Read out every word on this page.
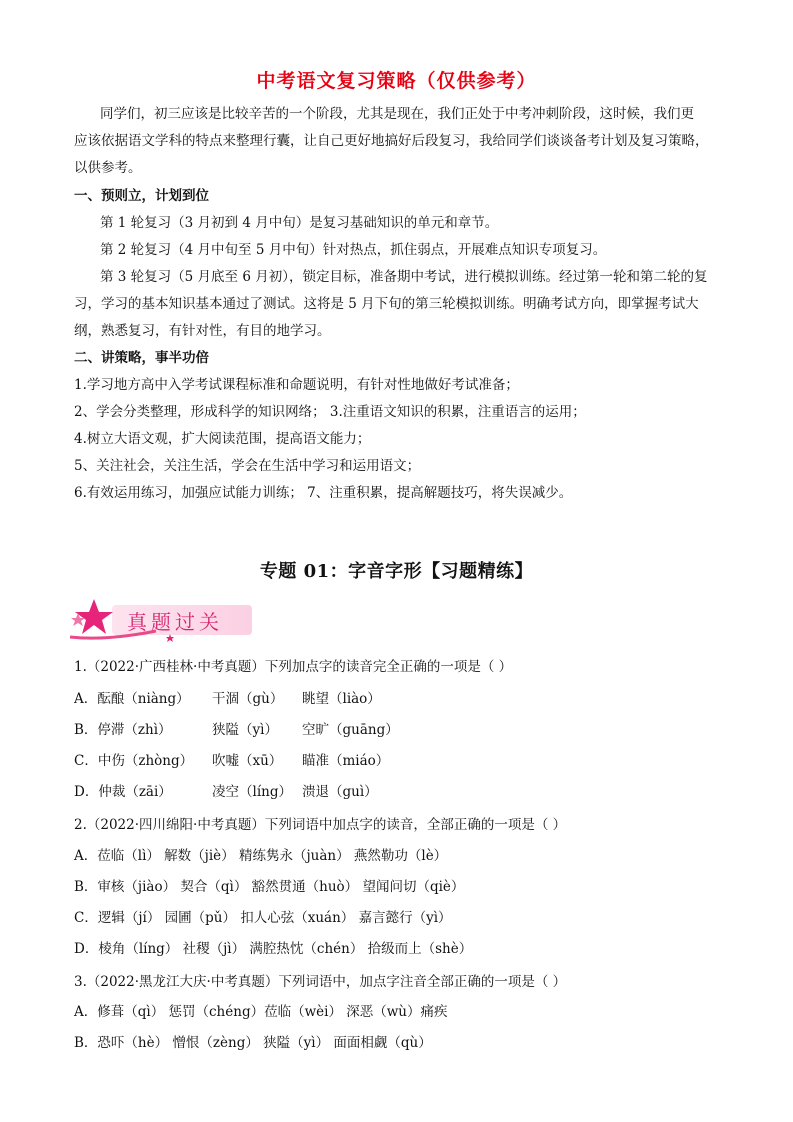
中考语文复习策略（仅供参考）
同学们，初三应该是比较辛苦的一个阶段，尤其是现在，我们正处于中考冲刺阶段，这时候，我们更
应该依据语文学科的特点来整理行囊，让自己更好地搞好后段复习，我给同学们谈谈备考计划及复习策略，
以供参考。
一、预则立，计划到位
第 1 轮复习（3 月初到 4 月中旬）是复习基础知识的单元和章节。
第 2 轮复习（4 月中旬至 5 月中旬）针对热点，抓住弱点，开展难点知识专项复习。
第 3 轮复习（5 月底至 6 月初），锁定目标，准备期中考试，进行模拟训练。经过第一轮和第二轮的复
习，学习的基本知识基本通过了测试。这将是 5 月下旬的第三轮模拟训练。明确考试方向，即掌握考试大
纲，熟悉复习，有针对性，有目的地学习。
二、讲策略，事半功倍
1.学习地方高中入学考试课程标准和命题说明，有针对性地做好考试准备；
2、学会分类整理，形成科学的知识网络； 3.注重语文知识的积累，注重语言的运用；
4.树立大语文观，扩大阅读范围，提高语文能力；
5、关注社会，关注生活，学会在生活中学习和运用语文；
6.有效运用练习，加强应试能力训练； 7、注重积累，提高解题技巧，将失误减少。
专题 01：字音字形【习题精练】
真题过关
1.（2022·广西桂林·中考真题）下列加点字的读音完全正确的一项是（ ）
A．酝酿（niàng） 干涸（gù） 眺望（liào）
B．停滞（zhì）	狭隘（yì） 空旷（guāng）
C．中伤（zhòng） 吹嘘（xū） 瞄准（miáo）
D．仲裁（zāi）	凌空（líng） 溃退（guì）
2.（2022·四川绵阳·中考真题）下列词语中加点字的读音，全部正确的一项是（ ）
A．莅临（lì） 解数（jiè） 精练隽永（juàn） 燕然勒功（lè）
B．审核（jiào） 契合（qì） 豁然贯通（huò） 望闻问切（qiè）
C．逻辑（jí） 园圃（pǔ） 扣人心弦（xuán） 嘉言懿行（yì）
D．棱角（líng） 社稷（jì） 满腔热忱（chén） 拾级而上（shè）
3.（2022·黑龙江大庆·中考真题）下列词语中，加点字注音全部正确的一项是（ ）
A．修葺（qì） 惩罚（chéng）莅临（wèi） 深恶（wù）痛疾
B．恐吓（hè） 憎恨（zèng） 狭隘（yì） 面面相觑（qù）
